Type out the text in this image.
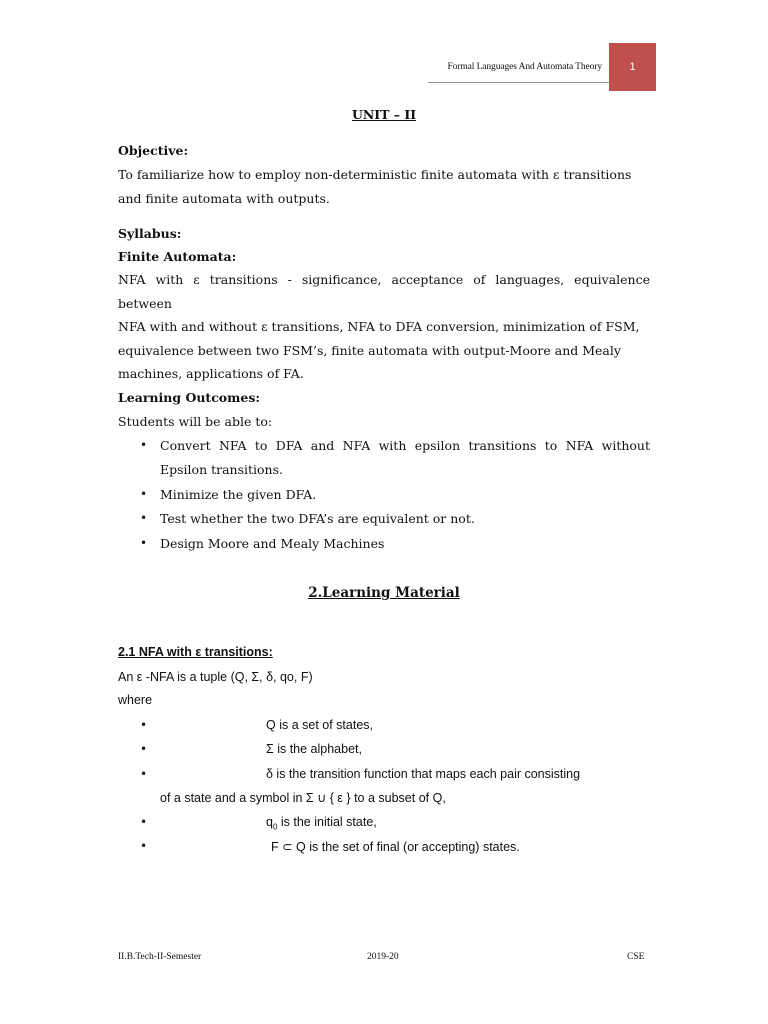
Formal Languages And Automata Theory 1
UNIT – II
Objective:
To familiarize how to employ non-deterministic finite automata with ε transitions
and finite automata with outputs.
Syllabus:
Finite Automata:
NFA with ε transitions - significance, acceptance of languages, equivalence between
NFA with and without ε transitions, NFA to DFA conversion, minimization of FSM,
equivalence between two FSM’s, finite automata with output-Moore and Mealy
machines, applications of FA.
Learning Outcomes:
Students will be able to:
• Convert NFA to DFA and NFA with epsilon transitions to NFA without
Epsilon transitions.
• Minimize the given DFA.
• Test whether the two DFA’s are equivalent or not.
• Design Moore and Mealy Machines
2.Learning Material
2.1 NFA with ε transitions:
An ε -NFA is a tuple (Q, Σ, δ, qo, F)
where
•	Q is a set of states,
•	Σ is the alphabet,
•	δ is the transition function that maps each pair consisting
of a state and a symbol in Σ ∪ { ε } to a subset of Q,
•	$q_0$ is the initial state,
•	F ⊂ Q is the set of final (or accepting) states.
II.B.Tech-II-Semester	2019-20	CSE
